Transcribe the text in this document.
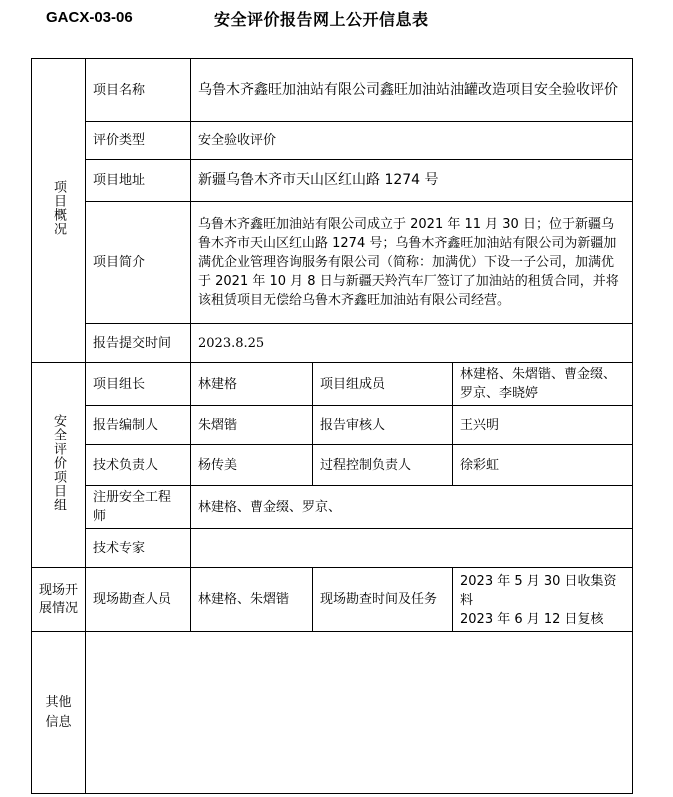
GACX-03-06	安全评价报告网上公开信息表
项目概况	项目名称	乌鲁木齐鑫旺加油站有限公司鑫旺加油站油罐改造项目安全验收评价		
	评价类型	安全验收评价		
	项目地址	新疆乌鲁木齐市天山区红山路 1274 号		
	项目简介	乌鲁木齐鑫旺加油站有限公司成立于 2021 年 11 月 30 日；位于新疆乌鲁木齐市天山区红山路 1274 号；乌鲁木齐鑫旺加油站有限公司为新疆加满优企业管理咨询服务有限公司（简称：加满优）下设一子公司，加满优于 2021 年 10 月 8 日与新疆天羚汽车厂签订了加油站的租赁合同，并将该租赁项目无偿给乌鲁木齐鑫旺加油站有限公司经营。		
	报告提交时间	2023.8.25		
安全评价项目组	项目组长	林建格	项目组成员	林建格、朱熠锴、曹金缀、罗京、李晓婷
	报告编制人	朱熠锴	报告审核人	王兴明
	技术负责人	杨传美	过程控制负责人	徐彩虹
	注册安全工程师	林建格、曹金缀、罗京、		
	技术专家			

现场开展情况	现场勘查人员	林建格、朱熠锴	现场勘查时间及任务	2023 年 5 月 30 日收集资料
2023 年 6 月 12 日复核

其他信息				
